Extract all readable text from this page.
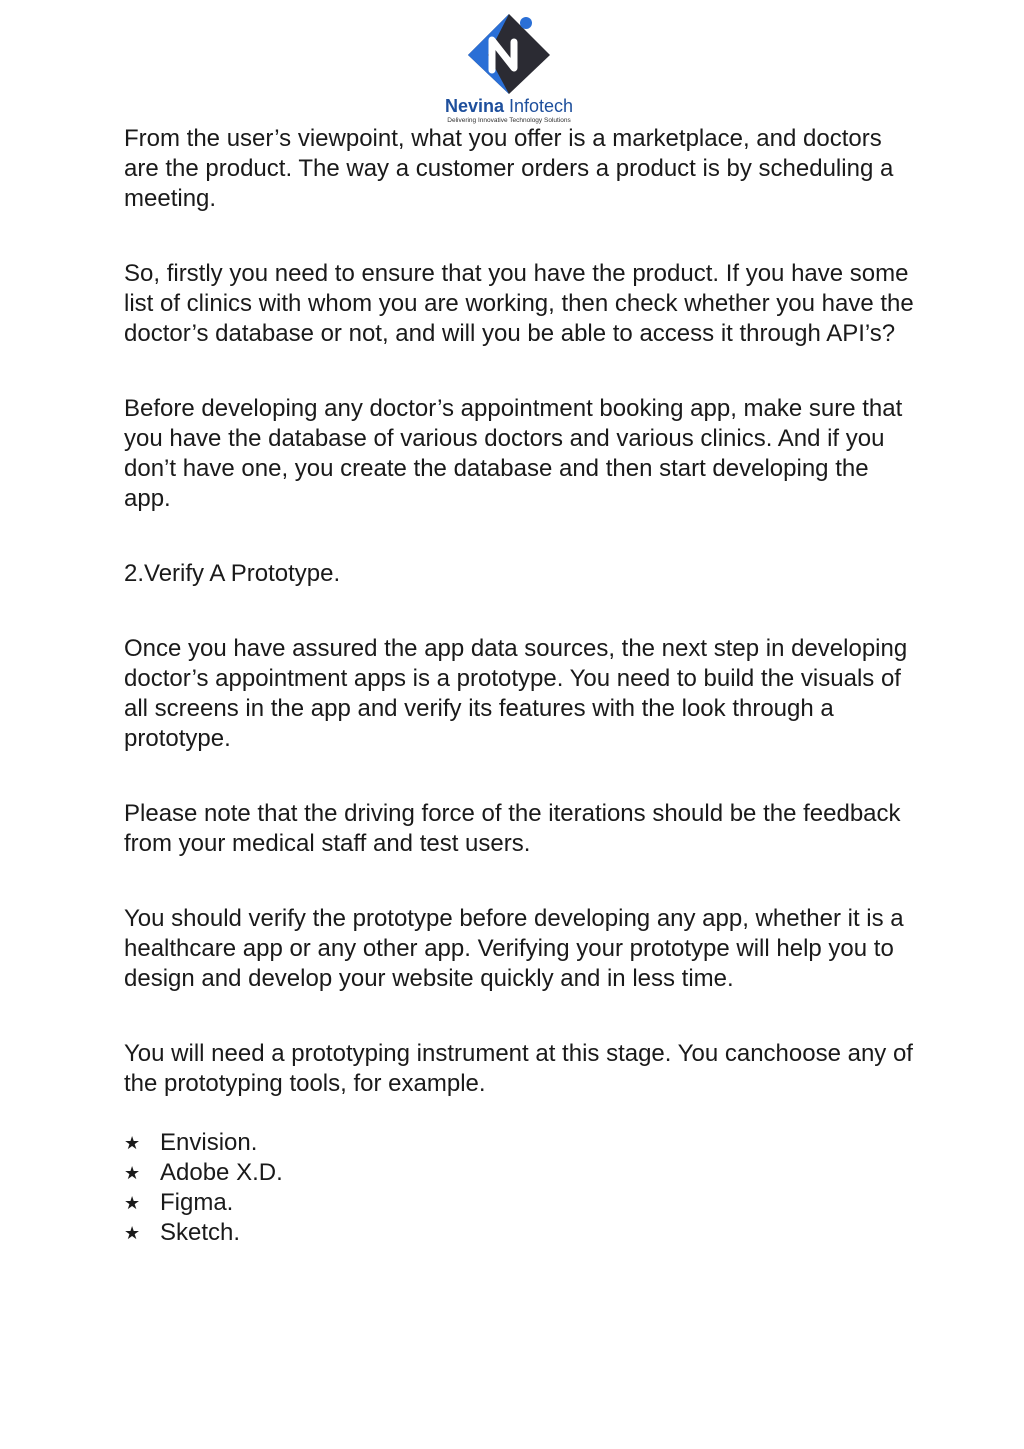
Nevina Infotech
Delivering Innovative Technology Solutions

From the user’s viewpoint, what you offer is a marketplace, and doctors are the product. The way a customer orders a product is by scheduling a meeting.

So, firstly you need to ensure that you have the product. If you have some list of clinics with whom you are working, then check whether you have the doctor’s database or not, and will you be able to access it through API’s?

Before developing any doctor’s appointment booking app, make sure that you have the database of various doctors and various clinics. And if you don’t have one, you create the database and then start developing the app.

2.Verify A Prototype.

Once you have assured the app data sources, the next step in developing doctor’s appointment apps is a prototype. You need to build the visuals of all screens in the app and verify its features with the look through a prototype.

Please note that the driving force of the iterations should be the feedback from your medical staff and test users.

You should verify the prototype before developing any app, whether it is a healthcare app or any other app. Verifying your prototype will help you to design and develop your website quickly and in less time.

You will need a prototyping instrument at this stage. You canchoose any of the prototyping tools, for example.

★ Envision.
★ Adobe X.D.
★ Figma.
★ Sketch.
